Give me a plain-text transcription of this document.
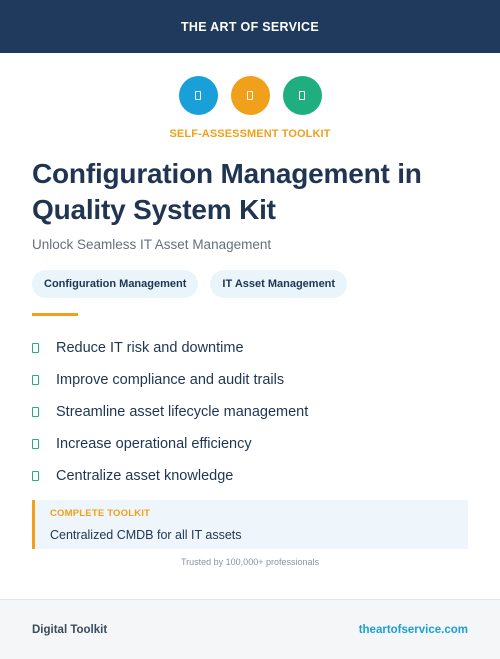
THE ART OF SERVICE
SELF-ASSESSMENT TOOLKIT
Configuration Management in Quality System Kit
Unlock Seamless IT Asset Management
Configuration Management	IT Asset Management
Reduce IT risk and downtime
Improve compliance and audit trails
Streamline asset lifecycle management
Increase operational efficiency
Centralize asset knowledge
COMPLETE TOOLKIT
Centralized CMDB for all IT assets
Trusted by 100,000+ professionals
Digital Toolkit	theartofservice.com
